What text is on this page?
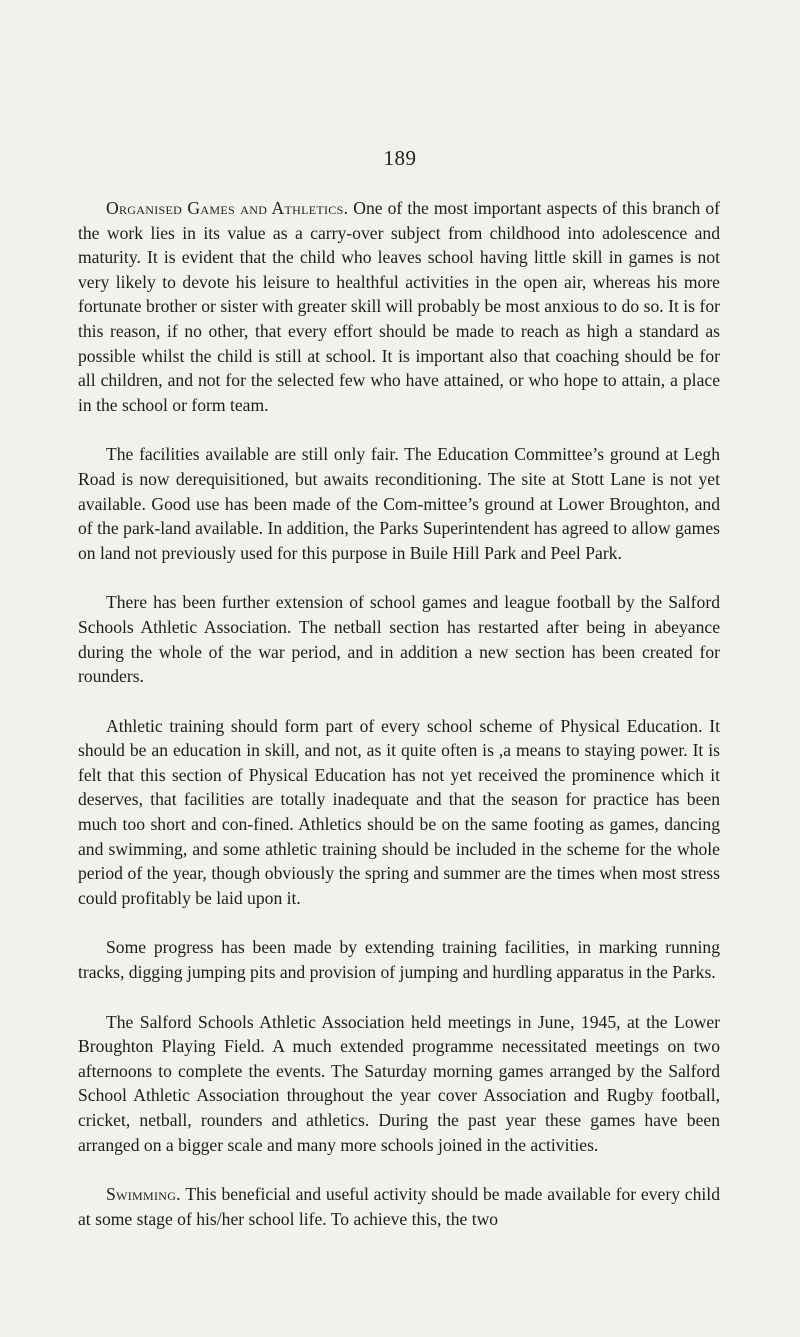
189

Organised Games and Athletics. One of the most important aspects of this branch of the work lies in its value as a carry-over subject from childhood into adolescence and maturity. It is evident that the child who leaves school having little skill in games is not very likely to devote his leisure to healthful activities in the open air, whereas his more fortunate brother or sister with greater skill will probably be most anxious to do so. It is for this reason, if no other, that every effort should be made to reach as high a standard as possible whilst the child is still at school. It is important also that coaching should be for all children, and not for the selected few who have attained, or who hope to attain, a place in the school or form team.

The facilities available are still only fair. The Education Committee’s ground at Legh Road is now derequisitioned, but awaits reconditioning. The site at Stott Lane is not yet available. Good use has been made of the Com-mittee’s ground at Lower Broughton, and of the park-land available. In addition, the Parks Superintendent has agreed to allow games on land not previously used for this purpose in Buile Hill Park and Peel Park.

There has been further extension of school games and league football by the Salford Schools Athletic Association. The netball section has restarted after being in abeyance during the whole of the war period, and in addition a new section has been created for rounders.

Athletic training should form part of every school scheme of Physical Education. It should be an education in skill, and not, as it quite often is ,a means to staying power. It is felt that this section of Physical Education has not yet received the prominence which it deserves, that facilities are totally inadequate and that the season for practice has been much too short and con-fined. Athletics should be on the same footing as games, dancing and swimming, and some athletic training should be included in the scheme for the whole period of the year, though obviously the spring and summer are the times when most stress could profitably be laid upon it.

Some progress has been made by extending training facilities, in marking running tracks, digging jumping pits and provision of jumping and hurdling apparatus in the Parks.

The Salford Schools Athletic Association held meetings in June, 1945, at the Lower Broughton Playing Field. A much extended programme necessitated meetings on two afternoons to complete the events. The Saturday morning games arranged by the Salford School Athletic Association throughout the year cover Association and Rugby football, cricket, netball, rounders and athletics. During the past year these games have been arranged on a bigger scale and many more schools joined in the activities.

Swimming. This beneficial and useful activity should be made available for every child at some stage of his/her school life. To achieve this, the two
